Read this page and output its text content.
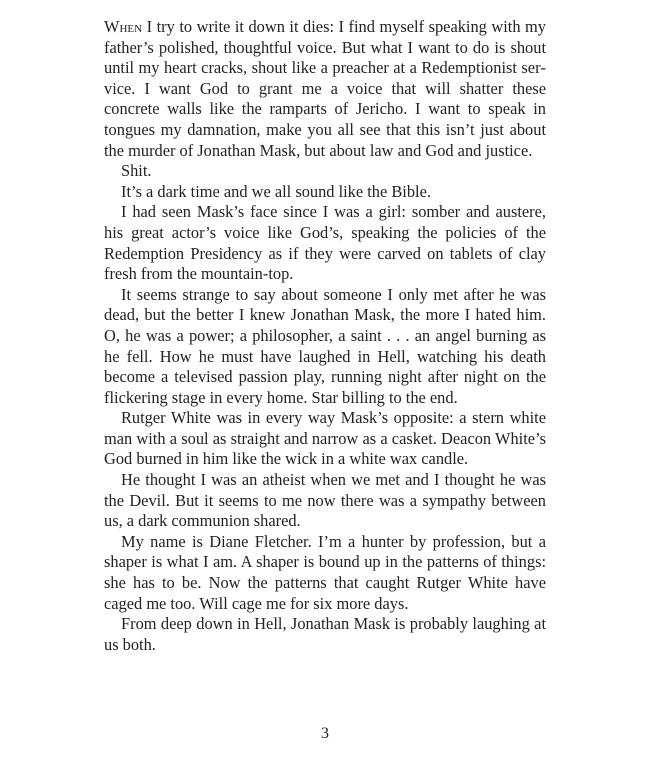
When I try to write it down it dies: I find myself speaking with my father’s polished, thoughtful voice. But what I want to do is shout until my heart cracks, shout like a preacher at a Redemptionist service. I want God to grant me a voice that will shatter these concrete walls like the ramparts of Jericho. I want to speak in tongues my damnation, make you all see that this isn’t just about the murder of Jonathan Mask, but about law and God and justice.

Shit.

It’s a dark time and we all sound like the Bible.

I had seen Mask’s face since I was a girl: somber and austere, his great actor’s voice like God’s, speaking the policies of the Redemption Presidency as if they were carved on tablets of clay fresh from the mountain-top.

It seems strange to say about someone I only met after he was dead, but the better I knew Jonathan Mask, the more I hated him. O, he was a power; a philosopher, a saint . . . an angel burning as he fell. How he must have laughed in Hell, watching his death become a televised passion play, running night after night on the flickering stage in every home. Star billing to the end.

Rutger White was in every way Mask’s opposite: a stern white man with a soul as straight and narrow as a casket. Deacon White’s God burned in him like the wick in a white wax candle.

He thought I was an atheist when we met and I thought he was the Devil. But it seems to me now there was a sympathy between us, a dark communion shared.

My name is Diane Fletcher. I’m a hunter by profession, but a shaper is what I am. A shaper is bound up in the patterns of things: she has to be. Now the patterns that caught Rutger White have caged me too. Will cage me for six more days.

From deep down in Hell, Jonathan Mask is probably laughing at us both.

3
